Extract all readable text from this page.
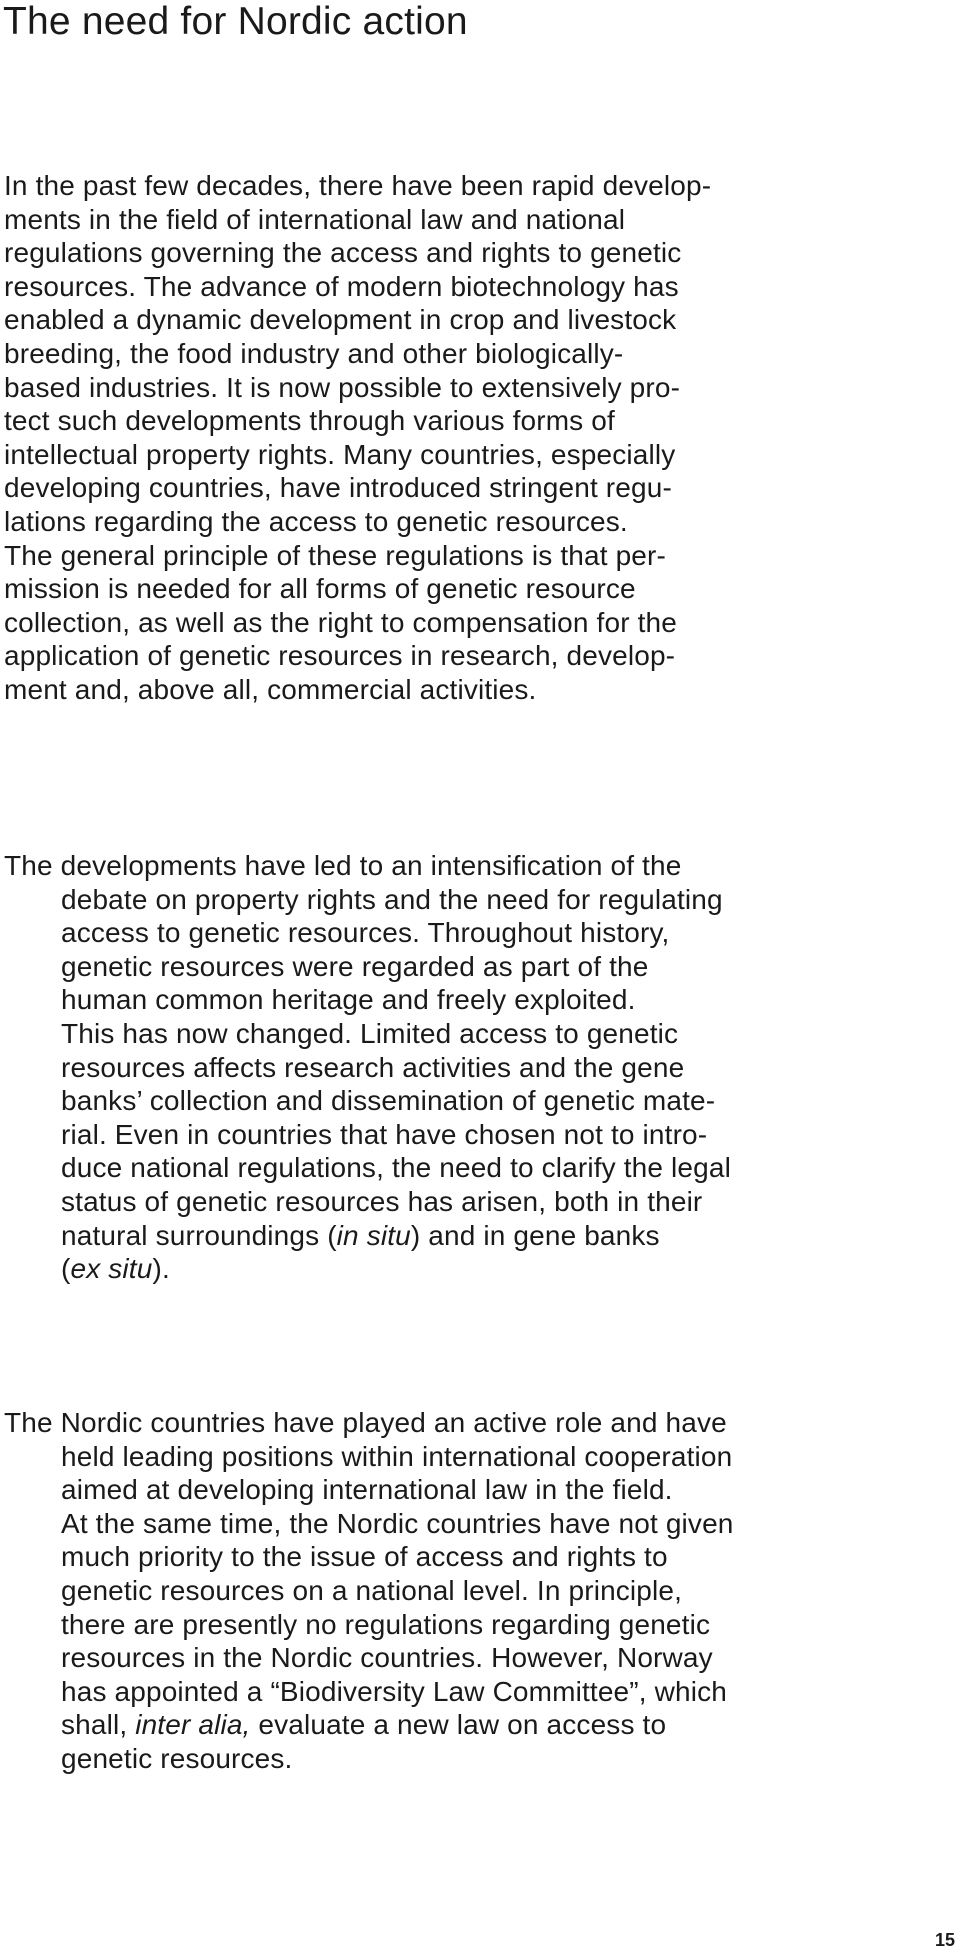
The need for Nordic action
In the past few decades, there have been rapid develop-
ments in the field of international law and national
regulations governing the access and rights to genetic
resources. The advance of modern biotechnology has
enabled a dynamic development in crop and livestock
breeding, the food industry and other biologically-
based industries. It is now possible to extensively pro-
tect such developments through various forms of
intellectual property rights. Many countries, especially
developing countries, have introduced stringent regu-
lations regarding the access to genetic resources.
The general principle of these regulations is that per-
mission is needed for all forms of genetic resource
collection, as well as the right to compensation for the
application of genetic resources in research, develop-
ment and, above all, commercial activities.
The developments have led to an intensification of the
debate on property rights and the need for regulating
access to genetic resources. Throughout history,
genetic resources were regarded as part of the
human common heritage and freely exploited.
This has now changed. Limited access to genetic
resources affects research activities and the gene
banks’ collection and dissemination of genetic mate-
rial. Even in countries that have chosen not to intro-
duce national regulations, the need to clarify the legal
status of genetic resources has arisen, both in their
natural surroundings (in situ) and in gene banks
(ex situ).
The Nordic countries have played an active role and have
held leading positions within international cooperation
aimed at developing international law in the field.
At the same time, the Nordic countries have not given
much priority to the issue of access and rights to
genetic resources on a national level. In principle,
there are presently no regulations regarding genetic
resources in the Nordic countries. However, Norway
has appointed a “Biodiversity Law Committee”, which
shall, inter alia, evaluate a new law on access to
genetic resources.
15
